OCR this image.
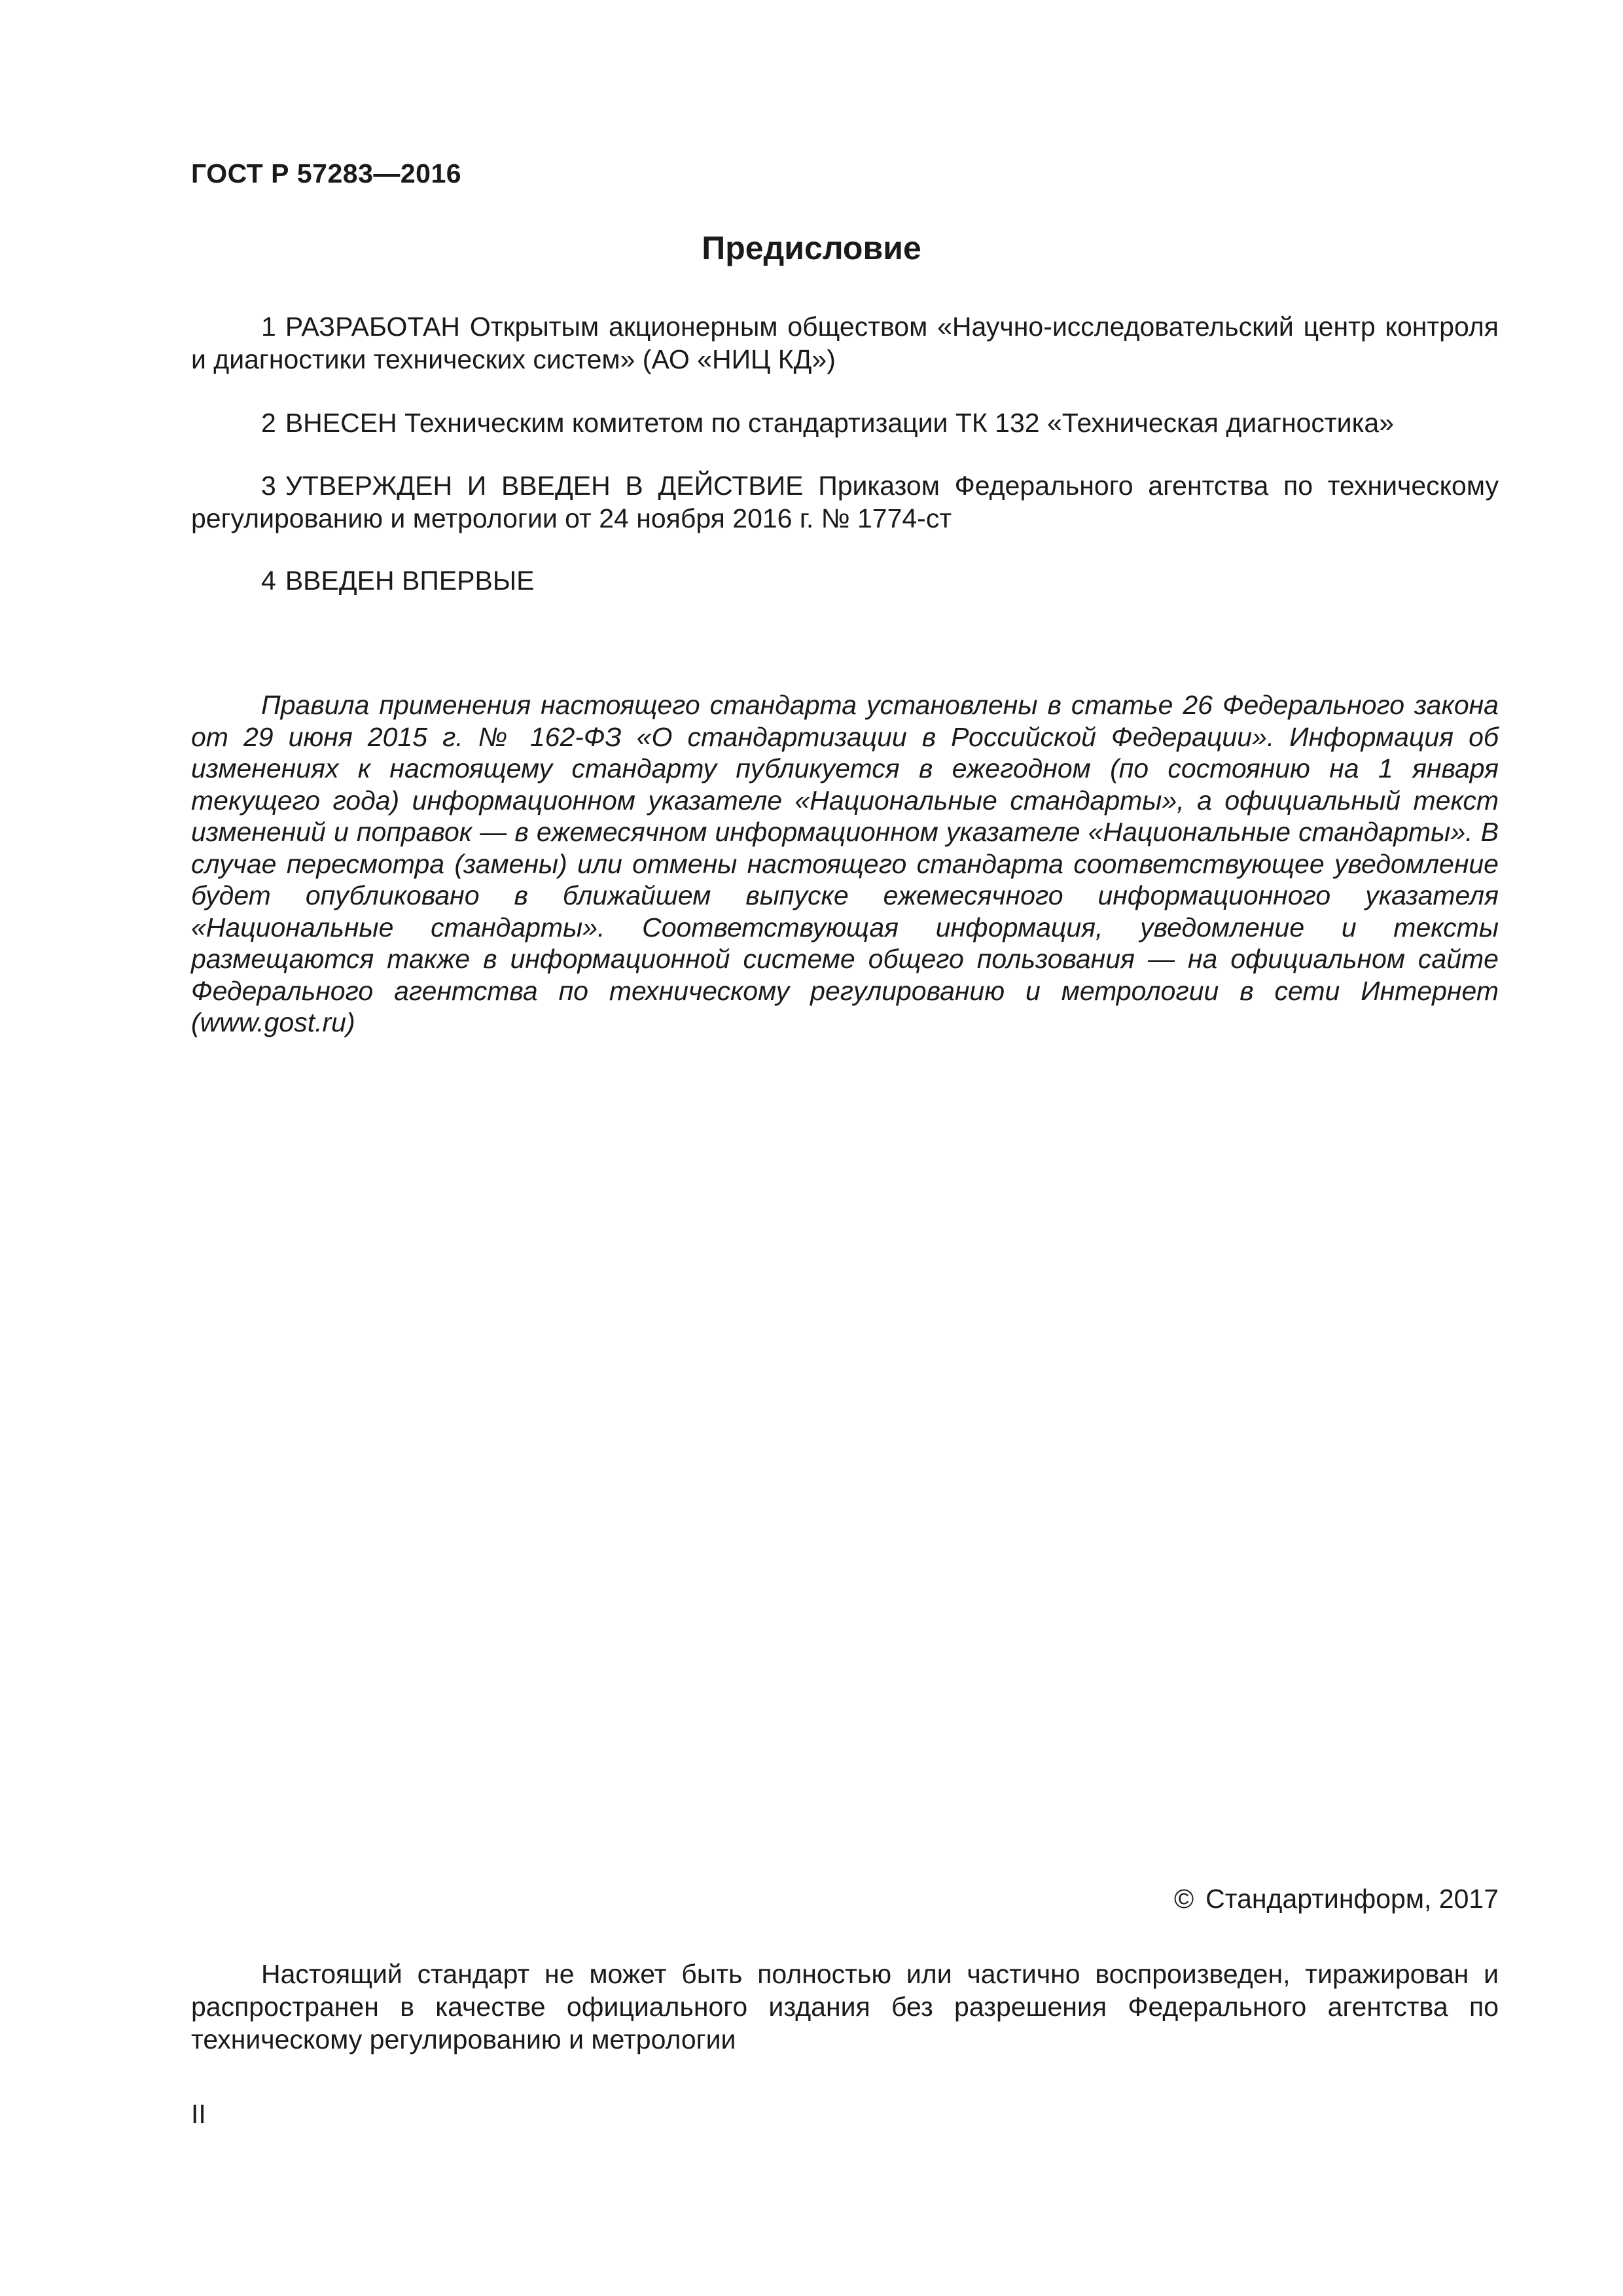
ГОСТ Р 57283—2016
Предисловие
1 РАЗРАБОТАН Открытым акционерным обществом «Научно-исследовательский центр контроля и диагностики технических систем» (АО «НИЦ КД»)
2 ВНЕСЕН Техническим комитетом по стандартизации ТК 132 «Техническая диагностика»
3 УТВЕРЖДЕН И ВВЕДЕН В ДЕЙСТВИЕ Приказом Федерального агентства по техническому регулированию и метрологии от 24 ноября 2016 г. № 1774-ст
4 ВВЕДЕН ВПЕРВЫЕ
Правила применения настоящего стандарта установлены в статье 26 Федерального закона от 29 июня 2015 г. № 162-ФЗ «О стандартизации в Российской Федерации». Информация об изменениях к настоящему стандарту публикуется в ежегодном (по состоянию на 1 января текущего года) информационном указателе «Национальные стандарты», а официальный текст изменений и поправок — в ежемесячном информационном указателе «Национальные стандарты». В случае пересмотра (замены) или отмены настоящего стандарта соответствующее уведомление будет опубликовано в ближайшем выпуске ежемесячного информационного указателя «Национальные стандарты». Соответствующая информация, уведомление и тексты размещаются также в информационной системе общего пользования — на официальном сайте Федерального агентства по техническому регулированию и метрологии в сети Интернет (www.gost.ru)
© Стандартинформ, 2017
Настоящий стандарт не может быть полностью или частично воспроизведен, тиражирован и распространен в качестве официального издания без разрешения Федерального агентства по техническому регулированию и метрологии
II
